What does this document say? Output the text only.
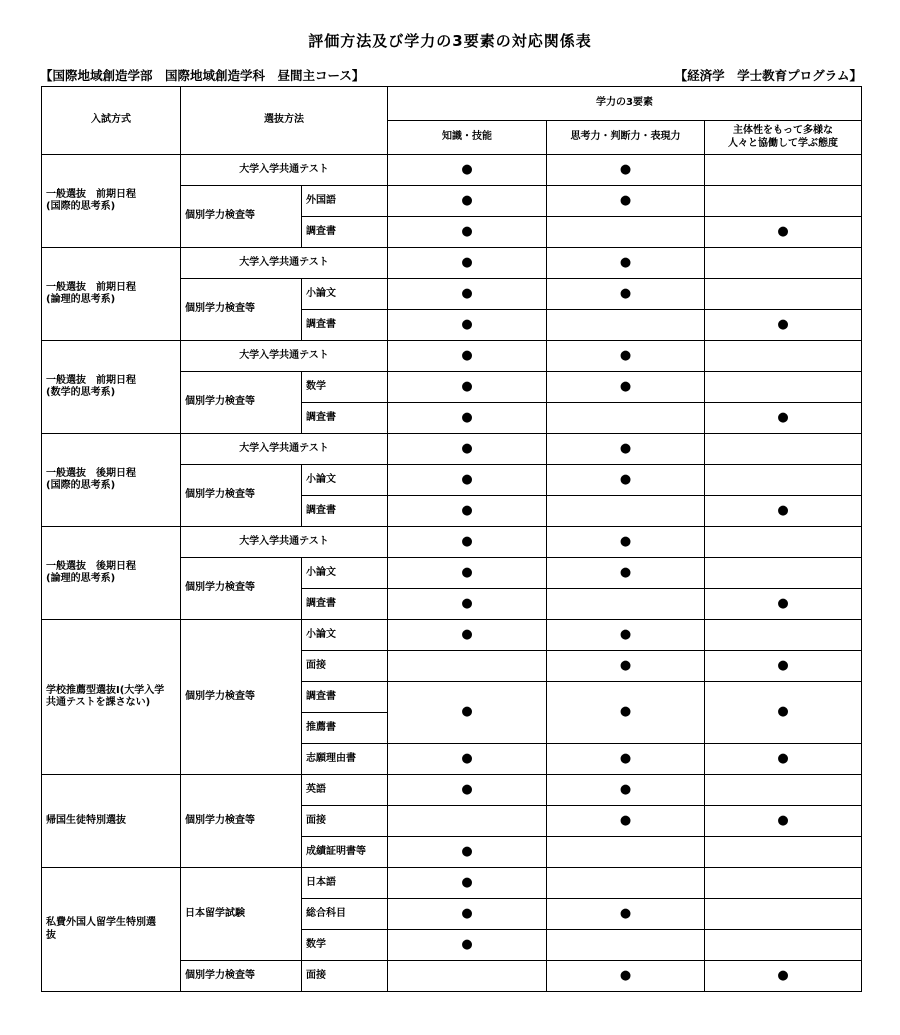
評価方法及び学力の3要素の対応関係表
【国際地域創造学部　国際地域創造学科　昼間主コース】	【経済学　学士教育プログラム】
入試方式	選抜方法		学力の3要素		
			知識・技能	思考力・判断力・表現力	主体性をもって多様な
人々と協働して学ぶ態度
一般選抜　前期日程
(国際的思考系)	大学入学共通テスト		●	●	
	個別学力検査等	外国語	●	●	
		調査書	●		●
一般選抜　前期日程
(論理的思考系)	大学入学共通テスト		●	●	
	個別学力検査等	小論文	●	●	
		調査書	●		●
一般選抜　前期日程
(数学的思考系)	大学入学共通テスト		●	●	
	個別学力検査等	数学	●	●	
		調査書	●		●
一般選抜　後期日程
(国際的思考系)	大学入学共通テスト		●	●	
	個別学力検査等	小論文	●	●	
		調査書	●		●
一般選抜　後期日程
(論理的思考系)	大学入学共通テスト		●	●	
	個別学力検査等	小論文	●	●	
		調査書	●		●
学校推薦型選抜Ⅰ(大学入学
共通テストを課さない)	個別学力検査等	小論文	●	●	
		面接		●	●
		調査書	●	●	●
		推薦書			
		志願理由書	●	●	●
帰国生徒特別選抜	個別学力検査等	英語	●	●	
		面接		●	●
		成績証明書等	●		
私費外国人留学生特別選
抜	日本留学試験	日本語	●		
		総合科目	●	●	
		数学	●		
	個別学力検査等	面接		●	●
